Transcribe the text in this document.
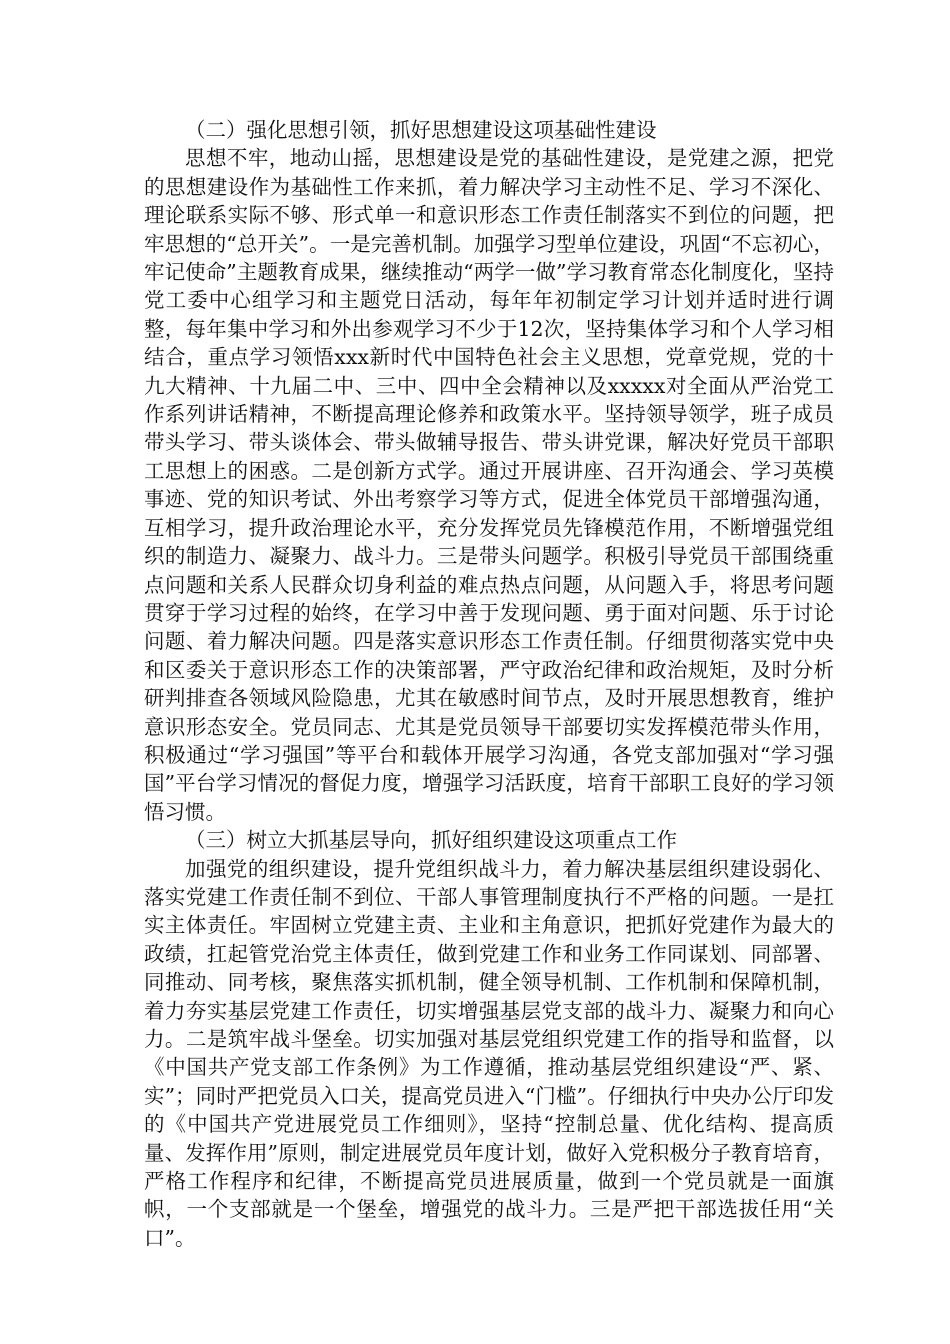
（二）强化思想引领，抓好思想建设这项基础性建设

思想不牢，地动山摇，思想建设是党的基础性建设，是党建之源，把党的思想建设作为基础性工作来抓，着力解决学习主动性不足、学习不深化、理论联系实际不够、形式单一和意识形态工作责任制落实不到位的问题，把牢思想的“总开关”。一是完善机制。加强学习型单位建设，巩固“不忘初心，牢记使命”主题教育成果，继续推动“两学一做”学习教育常态化制度化，坚持党工委中心组学习和主题党日活动，每年年初制定学习计划并适时进行调整，每年集中学习和外出参观学习不少于12次，坚持集体学习和个人学习相结合，重点学习领悟xxx新时代中国特色社会主义思想，党章党规，党的十九大精神、十九届二中、三中、四中全会精神以及xxxxx对全面从严治党工作系列讲话精神，不断提高理论修养和政策水平。坚持领导领学，班子成员带头学习、带头谈体会、带头做辅导报告、带头讲党课，解决好党员干部职工思想上的困惑。二是创新方式学。通过开展讲座、召开沟通会、学习英模事迹、党的知识考试、外出考察学习等方式，促进全体党员干部增强沟通，互相学习，提升政治理论水平，充分发挥党员先锋模范作用，不断增强党组织的制造力、凝聚力、战斗力。三是带头问题学。积极引导党员干部围绕重点问题和关系人民群众切身利益的难点热点问题，从问题入手，将思考问题贯穿于学习过程的始终，在学习中善于发现问题、勇于面对问题、乐于讨论问题、着力解决问题。四是落实意识形态工作责任制。仔细贯彻落实党中央和区委关于意识形态工作的决策部署，严守政治纪律和政治规矩，及时分析研判排查各领域风险隐患，尤其在敏感时间节点，及时开展思想教育，维护意识形态安全。党员同志、尤其是党员领导干部要切实发挥模范带头作用，积极通过“学习强国”等平台和载体开展学习沟通，各党支部加强对“学习强国”平台学习情况的督促力度，增强学习活跃度，培育干部职工良好的学习领悟习惯。

（三）树立大抓基层导向，抓好组织建设这项重点工作

加强党的组织建设，提升党组织战斗力，着力解决基层组织建设弱化、落实党建工作责任制不到位、干部人事管理制度执行不严格的问题。一是扛实主体责任。牢固树立党建主责、主业和主角意识，把抓好党建作为最大的政绩，扛起管党治党主体责任，做到党建工作和业务工作同谋划、同部署、同推动、同考核，聚焦落实抓机制，健全领导机制、工作机制和保障机制，着力夯实基层党建工作责任，切实增强基层党支部的战斗力、凝聚力和向心力。二是筑牢战斗堡垒。切实加强对基层党组织党建工作的指导和监督，以《中国共产党支部工作条例》为工作遵循，推动基层党组织建设“严、紧、实”；同时严把党员入口关，提高党员进入“门槛”。仔细执行中央办公厅印发的《中国共产党进展党员工作细则》，坚持“控制总量、优化结构、提高质量、发挥作用”原则，制定进展党员年度计划，做好入党积极分子教育培育，严格工作程序和纪律，不断提高党员进展质量，做到一个党员就是一面旗帜，一个支部就是一个堡垒，增强党的战斗力。三是严把干部选拔任用“关口”。
